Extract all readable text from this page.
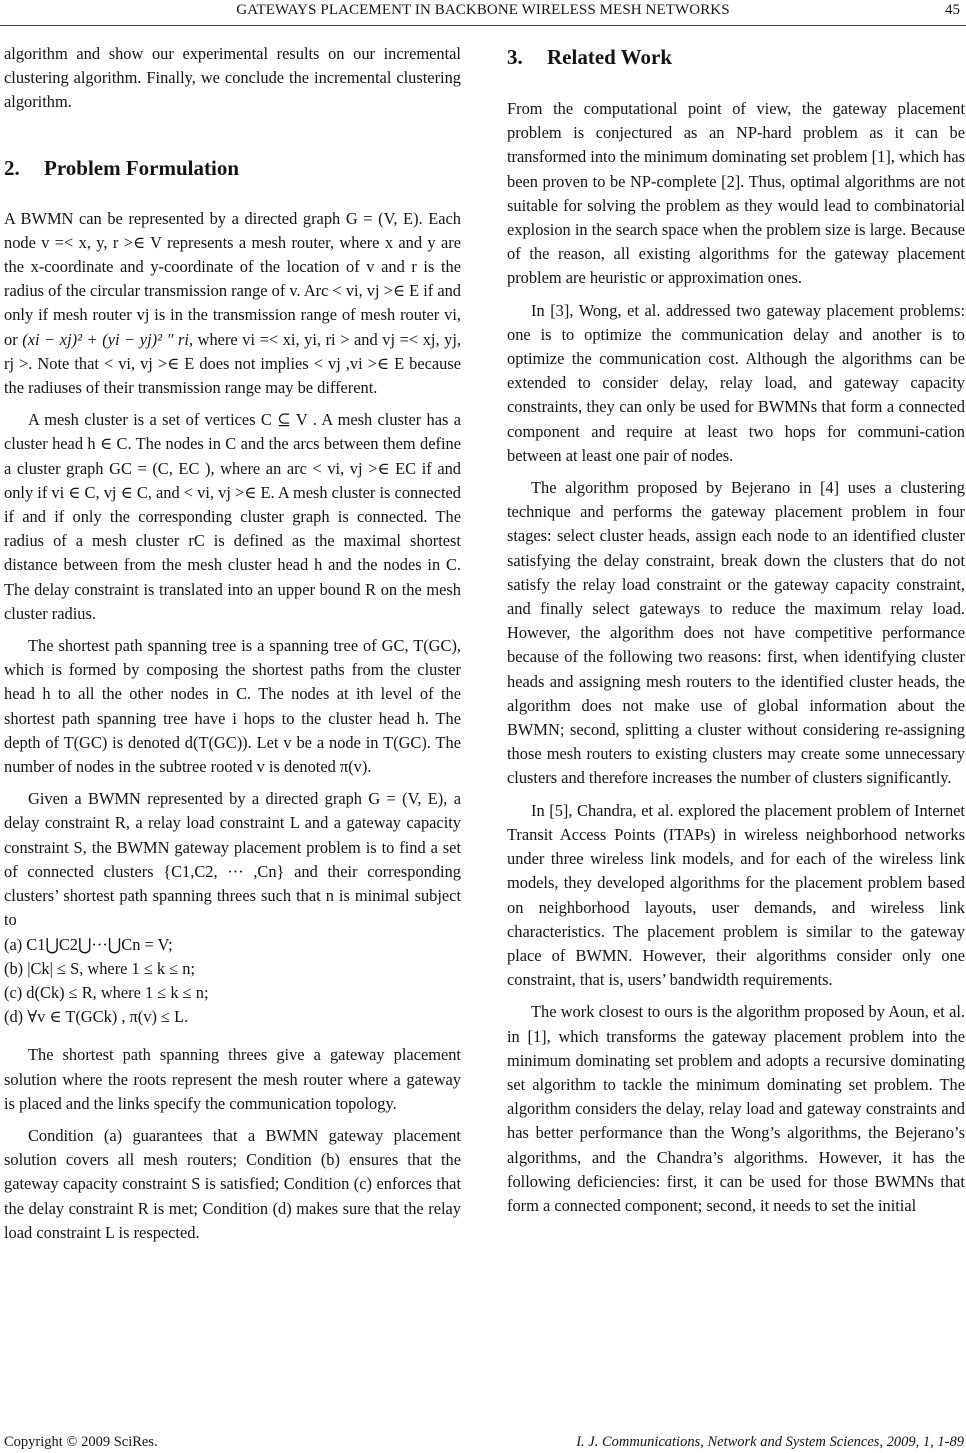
GATEWAYS PLACEMENT IN BACKBONE WIRELESS MESH NETWORKS	45

algorithm and show our experimental results on our incremental clustering algorithm. Finally, we conclude the incremental clustering algorithm.

2. Problem Formulation

A BWMN can be represented by a directed graph G = (V, E). Each node v =< x, y, r >∈ V represents a mesh router, where x and y are the x-coordinate and y-coordinate of the location of v and r is the radius of the circular transmission range of v. Arc < vi, vj >∈ E if and only if mesh router vj is in the transmission range of mesh router vi, or (xi − xj)² + (yi − yj)² ″ ri, where vi =< xi, yi, ri > and vj =< xj, yj, rj >. Note that < vi, vj >∈ E does not implies < vj ,vi >∈ E because the radiuses of their transmission range may be different.

A mesh cluster is a set of vertices C ⊆ V . A mesh cluster has a cluster head h ∈ C. The nodes in C and the arcs between them define a cluster graph GC = (C, EC ), where an arc < vi, vj >∈ EC if and only if vi ∈ C, vj ∈ C, and < vi, vj >∈ E. A mesh cluster is connected if and if only the corresponding cluster graph is connected. The radius of a mesh cluster rC is defined as the maximal shortest distance between from the mesh cluster head h and the nodes in C. The delay constraint is translated into an upper bound R on the mesh cluster radius.

The shortest path spanning tree is a spanning tree of GC, T(GC), which is formed by composing the shortest paths from the cluster head h to all the other nodes in C. The nodes at ith level of the shortest path spanning tree have i hops to the cluster head h. The depth of T(GC) is denoted d(T(GC)). Let v be a node in T(GC). The number of nodes in the subtree rooted v is denoted π(v).

Given a BWMN represented by a directed graph G = (V, E), a delay constraint R, a relay load constraint L and a gateway capacity constraint S, the BWMN gateway placement problem is to find a set of connected clusters {C1,C2, ··· ,Cn} and their corresponding clusters’ shortest path spanning threes such that n is minimal subject to

(a) C1⋃C2⋃···⋃Cn = V;
(b) |Ck| ≤ S, where 1 ≤ k ≤ n;
(c) d(Ck) ≤ R, where 1 ≤ k ≤ n;
(d) ∀v ∈ T(GCk) , π(v) ≤ L.

The shortest path spanning threes give a gateway placement solution where the roots represent the mesh router where a gateway is placed and the links specify the communication topology.

Condition (a) guarantees that a BWMN gateway placement solution covers all mesh routers; Condition (b) ensures that the gateway capacity constraint S is satisfied; Condition (c) enforces that the delay constraint R is met; Condition (d) makes sure that the relay load constraint L is respected.

3. Related Work

From the computational point of view, the gateway placement problem is conjectured as an NP-hard problem as it can be transformed into the minimum dominating set problem [1], which has been proven to be NP-complete [2]. Thus, optimal algorithms are not suitable for solving the problem as they would lead to combinatorial explosion in the search space when the problem size is large. Because of the reason, all existing algorithms for the gateway placement problem are heuristic or approximation ones.

In [3], Wong, et al. addressed two gateway placement problems: one is to optimize the communication delay and another is to optimize the communication cost. Although the algorithms can be extended to consider delay, relay load, and gateway capacity constraints, they can only be used for BWMNs that form a connected component and require at least two hops for communi-cation between at least one pair of nodes.

The algorithm proposed by Bejerano in [4] uses a clustering technique and performs the gateway placement problem in four stages: select cluster heads, assign each node to an identified cluster satisfying the delay constraint, break down the clusters that do not satisfy the relay load constraint or the gateway capacity constraint, and finally select gateways to reduce the maximum relay load. However, the algorithm does not have competitive performance because of the following two reasons: first, when identifying cluster heads and assigning mesh routers to the identified cluster heads, the algorithm does not make use of global information about the BWMN; second, splitting a cluster without considering re-assigning those mesh routers to existing clusters may create some unnecessary clusters and therefore increases the number of clusters significantly.

In [5], Chandra, et al. explored the placement problem of Internet Transit Access Points (ITAPs) in wireless neighborhood networks under three wireless link models, and for each of the wireless link models, they developed algorithms for the placement problem based on neighborhood layouts, user demands, and wireless link characteristics. The placement problem is similar to the gateway place of BWMN. However, their algorithms consider only one constraint, that is, users’ bandwidth requirements.

The work closest to ours is the algorithm proposed by Aoun, et al. in [1], which transforms the gateway placement problem into the minimum dominating set problem and adopts a recursive dominating set algorithm to tackle the minimum dominating set problem. The algorithm considers the delay, relay load and gateway constraints and has better performance than the Wong’s algorithms, the Bejerano’s algorithms, and the Chandra’s algorithms. However, it has the following deficiencies: first, it can be used for those BWMNs that form a connected component; second, it needs to set the initial

Copyright © 2009 SciRes.	I. J. Communications, Network and System Sciences, 2009, 1, 1-89
